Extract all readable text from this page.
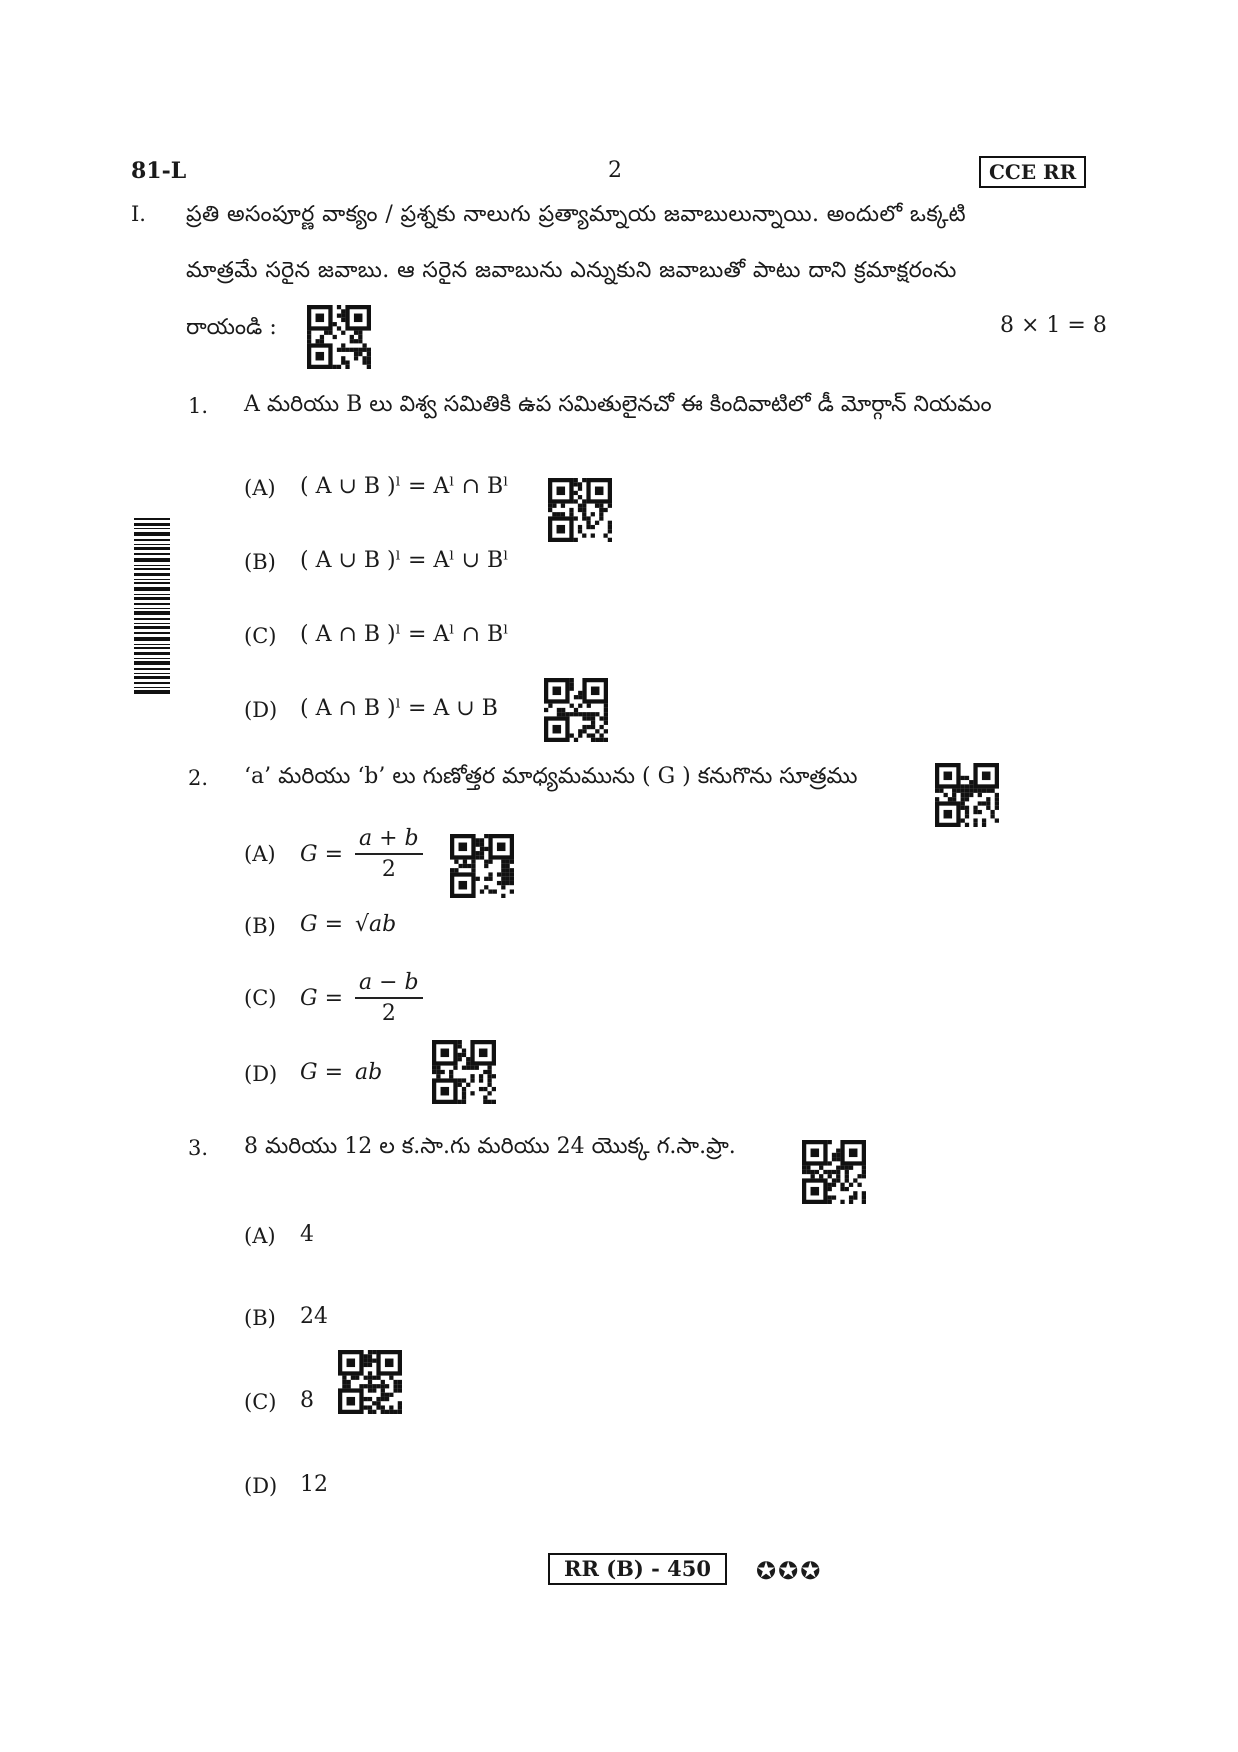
81-L	2	CCE RR
I. ప్రతి అసంపూర్ణ వాక్యం / ప్రశ్నకు నాలుగు ప్రత్యామ్నాయ జవాబులున్నాయి. అందులో ఒక్కటి
మాత్రమే సరైన జవాబు. ఆ సరైన జవాబును ఎన్నుకుని జవాబుతో పాటు దాని క్రమాక్షరంను
రాయండి :	8 × 1 = 8
1. A మరియు B లు విశ్వ సమితికి ఉప సమితులైనచో ఈ కిందివాటిలో డీ మోర్గాన్ నియమం
(A) ( A ∪ B )ˡ = Aˡ ∩ Bˡ
(B) ( A ∪ B )ˡ = Aˡ ∪ Bˡ
(C) ( A ∩ B )ˡ = Aˡ ∩ Bˡ
(D) ( A ∩ B )ˡ = A ∪ B
2. ‘a’ మరియు ‘b’ లు గుణోత్తర మాధ్యమమును ( G ) కనుగొను సూత్రము
(A) $G = \frac{a + b}{2}$
(B) G = √ab
(C) $G = \frac{a - b}{2}$
(D) G = ab
3. 8 మరియు 12 ల క.సా.గు మరియు 24 యొక్క గ.సా.ప్రా.
(A) 4
(B) 24
(C) 8
(D) 12
RR (B) - 450	✪✪✪
